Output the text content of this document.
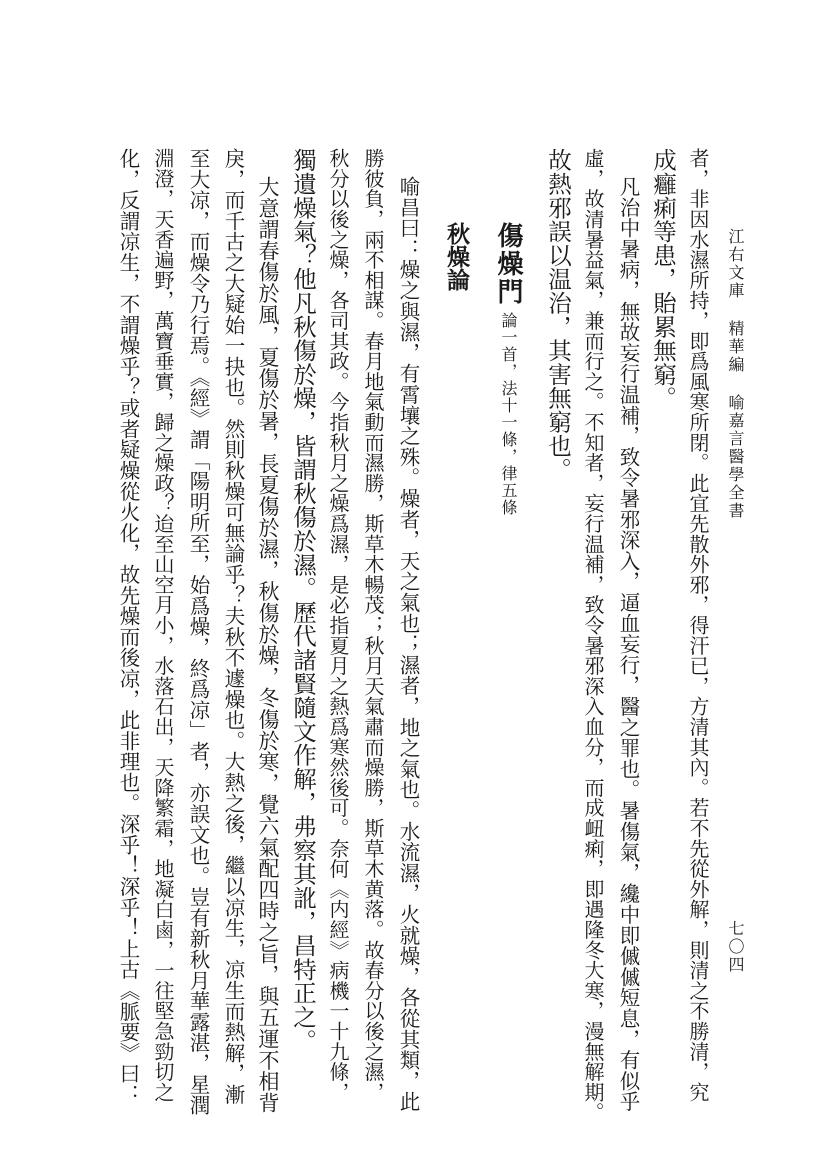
江右文庫精華編喻嘉言醫學全書
七〇四
者，非因水濕所持，即爲風寒所閉。此宜先散外邪，得汗已，方清其內。若不先從外解，則清之不勝清，究
成癰痢等患，貽累無窮。
凡治中暑病，無故妄行温補，致令暑邪深入，逼血妄行，醫之罪也。暑傷氣，纔中即傶傶短息，有似乎
虛，故清暑益氣，兼而行之。不知者，妄行温補，致令暑邪深入血分，而成衄痢，即遇隆冬大寒，漫無解期。
故熱邪誤以温治，其害無窮也。
傷燥門論一首，法十一條，律五條
秋燥論
喻昌曰：燥之與濕，有霄壤之殊。燥者，天之氣也；濕者，地之氣也。水流濕，火就燥，各從其類，此
勝彼負，兩不相謀。春月地氣動而濕勝，斯草木暢茂；秋月天氣肅而燥勝，斯草木黄落。故春分以後之濕，
秋分以後之燥，各司其政。今指秋月之燥爲濕，是必指夏月之熱爲寒然後可。奈何《内經》病機一十九條，
獨遺燥氣？他凡秋傷於燥，皆謂秋傷於濕。歷代諸賢隨文作解，弗察其訛，昌特正之。
大意謂春傷於風，夏傷於暑，長夏傷於濕，秋傷於燥，冬傷於寒，覺六氣配四時之旨，與五運不相背
戾，而千古之大疑始一抉也。然則秋燥可無論乎？夫秋不遽燥也。大熱之後，繼以凉生，凉生而熱解，漸
至大凉，而燥令乃行焉。《經》謂「陽明所至，始爲燥，終爲凉」者，亦誤文也。豈有新秋月華露湛，星潤
淵澄，天香遍野，萬寶垂實，歸之燥政？迨至山空月小，水落石出，天降繁霜，地凝白鹵，一往堅急勁切之
化，反謂凉生，不謂燥乎？或者疑燥從火化，故先燥而後凉，此非理也。深乎！深乎！上古《脈要》曰：
